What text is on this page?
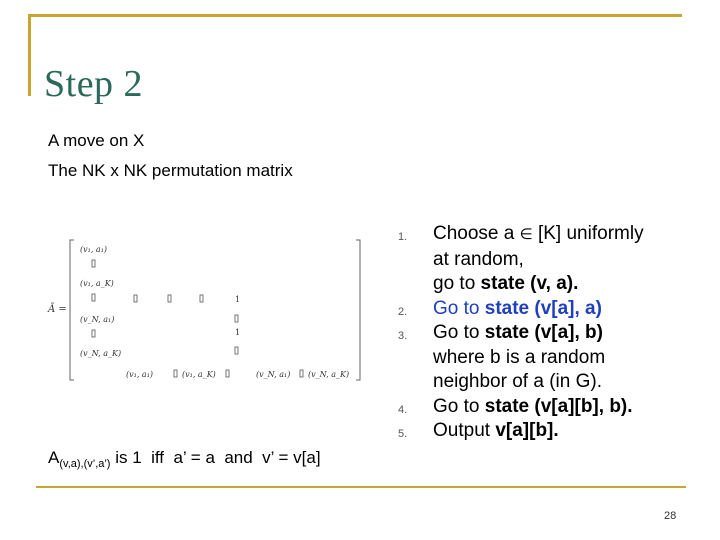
Step 2
A move on X
The NK x NK permutation matrix
Ã =
(v₁, a₁)
(v₁, a_K)
(v_N, a₁)
(v_N, a_K)
1
1
(v₁, a₁)	(v₁, a_K)	(v_N, a₁) (v_N, a_K)
$A_{(v,a),(v’,a’)}$ is 1  iff  a’ = a  and  v’ = v[a]
1. Choose a ∈ [K] uniformly
at random,
go to state (v, a).
2. Go to state (v[a], a)
3. Go to state (v[a], b)
where b is a random
neighbor of a (in G).
4. Go to state (v[a][b], b).
5. Output v[a][b].
28
